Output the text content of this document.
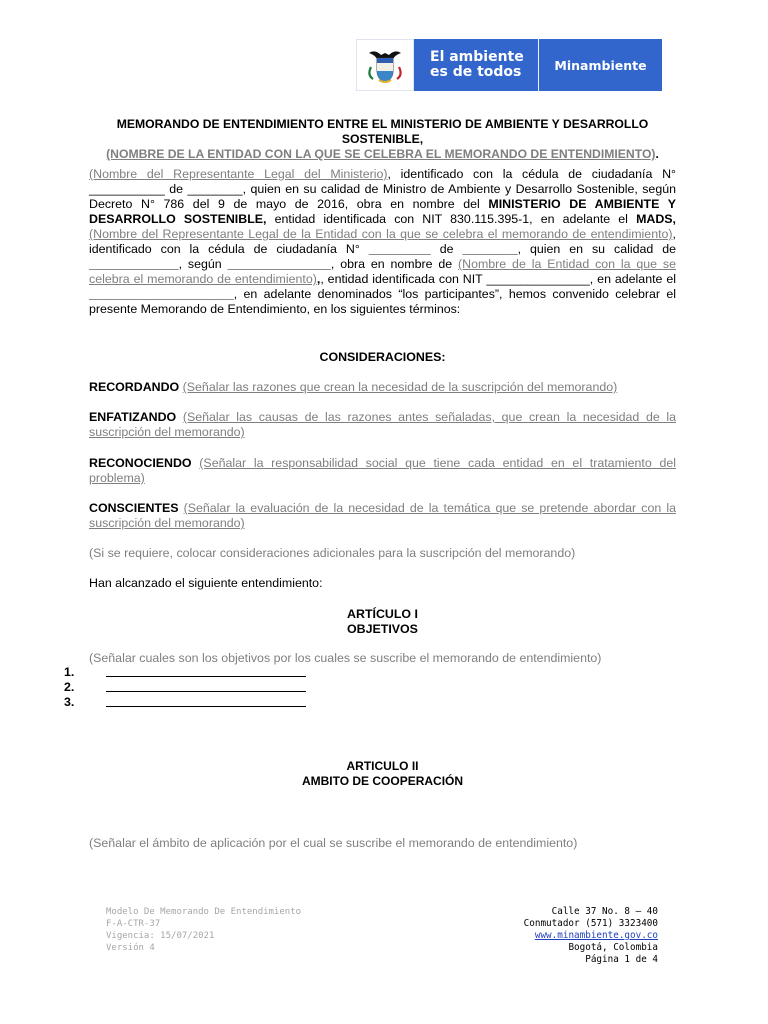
El ambiente
es de todos	Minambiente
MEMORANDO DE ENTENDIMIENTO ENTRE EL MINISTERIO DE AMBIENTE Y DESARROLLO SOSTENIBLE,
(NOMBRE DE LA ENTIDAD CON LA QUE SE CELEBRA EL MEMORANDO DE ENTENDIMIENTO).
(Nombre del Representante Legal del Ministerio), identificado con la cédula de ciudadanía N° ___________ de ________, quien en su calidad de Ministro de Ambiente y Desarrollo Sostenible, según Decreto N° 786 del 9 de mayo de 2016, obra en nombre del MINISTERIO DE AMBIENTE Y DESARROLLO SOSTENIBLE, entidad identificada con NIT 830.115.395-1, en adelante el MADS, (Nombre del Representante Legal de la Entidad con la que se celebra el memorando de entendimiento), identificado con la cédula de ciudadanía N° _________ de ________, quien en su calidad de _____________, según _______________, obra en nombre de (Nombre de la Entidad con la que se celebra el memorando de entendimiento),, entidad identificada con NIT _______________, en adelante el _____________________, en adelante denominados “los participantes”, hemos convenido celebrar el presente Memorando de Entendimiento, en los siguientes términos:
CONSIDERACIONES:
RECORDANDO (Señalar las razones que crean la necesidad de la suscripción del memorando)
ENFATIZANDO (Señalar las causas de las razones antes señaladas, que crean la necesidad de la suscripción del memorando)
RECONOCIENDO (Señalar la responsabilidad social que tiene cada entidad en el tratamiento del problema)
CONSCIENTES (Señalar la evaluación de la necesidad de la temática que se pretende abordar con la suscripción del memorando)
(Si se requiere, colocar consideraciones adicionales para la suscripción del memorando)
Han alcanzado el siguiente entendimiento:
ARTÍCULO I
OBJETIVOS
(Señalar cuales son los objetivos por los cuales se suscribe el memorando de entendimiento)
1.
2.
3.
ARTICULO II
AMBITO DE COOPERACIÓN
(Señalar el ámbito de aplicación por el cual se suscribe el memorando de entendimiento)
Modelo De Memorando De Entendimiento
F-A-CTR-37
Vigencia: 15/07/2021
Versión 4
Calle 37 No. 8 – 40
Conmutador (571) 3323400
www.minambiente.gov.co
Bogotá, Colombia
Página 1 de 4
